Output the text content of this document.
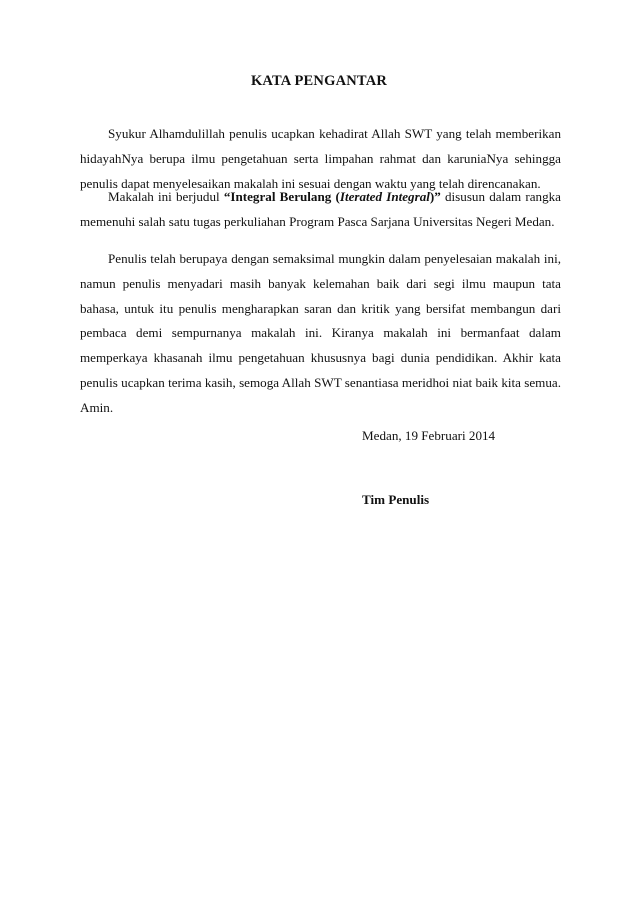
KATA PENGANTAR

Syukur Alhamdulillah penulis ucapkan kehadirat Allah SWT yang telah memberikan hidayahNya berupa ilmu pengetahuan serta limpahan rahmat dan karuniaNya sehingga penulis dapat menyelesaikan makalah ini sesuai dengan waktu yang telah direncanakan.

Makalah ini berjudul “Integral Berulang (Iterated Integral)” disusun dalam rangka memenuhi salah satu tugas perkuliahan Program Pasca Sarjana Universitas Negeri Medan.

Penulis telah berupaya dengan semaksimal mungkin dalam penyelesaian makalah ini, namun penulis menyadari masih banyak kelemahan baik dari segi ilmu maupun tata bahasa, untuk itu penulis mengharapkan saran dan kritik yang bersifat membangun dari pembaca demi sempurnanya makalah ini. Kiranya makalah ini bermanfaat dalam memperkaya khasanah ilmu pengetahuan khususnya bagi dunia pendidikan. Akhir kata penulis ucapkan terima kasih, semoga Allah SWT senantiasa meridhoi niat baik kita semua. Amin.

Medan, 19 Februari 2014

Tim Penulis
